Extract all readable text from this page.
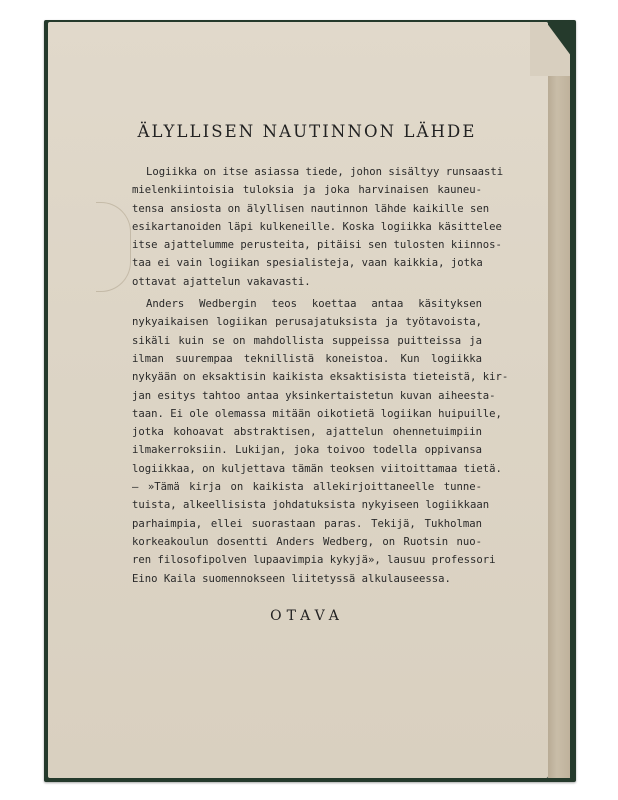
ÄLYLLISEN NAUTINNON LÄHDE

Logiikka on itse asiassa tiede, johon sisältyy runsaasti
mielenkiintoisia tuloksia ja joka harvinaisen kauneu-
tensa ansiosta on älyllisen nautinnon lähde kaikille sen
esikartanoiden läpi kulkeneille. Koska logiikka käsittelee
itse ajattelumme perusteita, pitäisi sen tulosten kiinnos-
taa ei vain logiikan spesialisteja, vaan kaikkia, jotka
ottavat ajattelun vakavasti.

Anders Wedbergin teos koettaa antaa käsityksen
nykyaikaisen logiikan perusajatuksista ja työtavoista,
sikäli kuin se on mahdollista suppeissa puitteissa ja
ilman suurempaa teknillistä koneistoa. Kun logiikka
nykyään on eksaktisin kaikista eksaktisista tieteistä, kir-
jan esitys tahtoo antaa yksinkertaistetun kuvan aiheesta-
taan. Ei ole olemassa mitään oikotietä logiikan huipuille,
jotka kohoavat abstraktisen, ajattelun ohennetuimpiin
ilmakerroksiin. Lukijan, joka toivoo todella oppivansa
logiikkaa, on kuljettava tämän teoksen viitoittamaa tietä.
— »Tämä kirja on kaikista allekirjoittaneelle tunne-
tuista, alkeellisista johdatuksista nykyiseen logiikkaan
parhaimpia, ellei suorastaan paras. Tekijä, Tukholman
korkeakoulun dosentti Anders Wedberg, on Ruotsin nuo-
ren filosofipolven lupaavimpia kykyjä», lausuu professori
Eino Kaila suomennokseen liitetyssä alkulauseessa.

OTAVA
